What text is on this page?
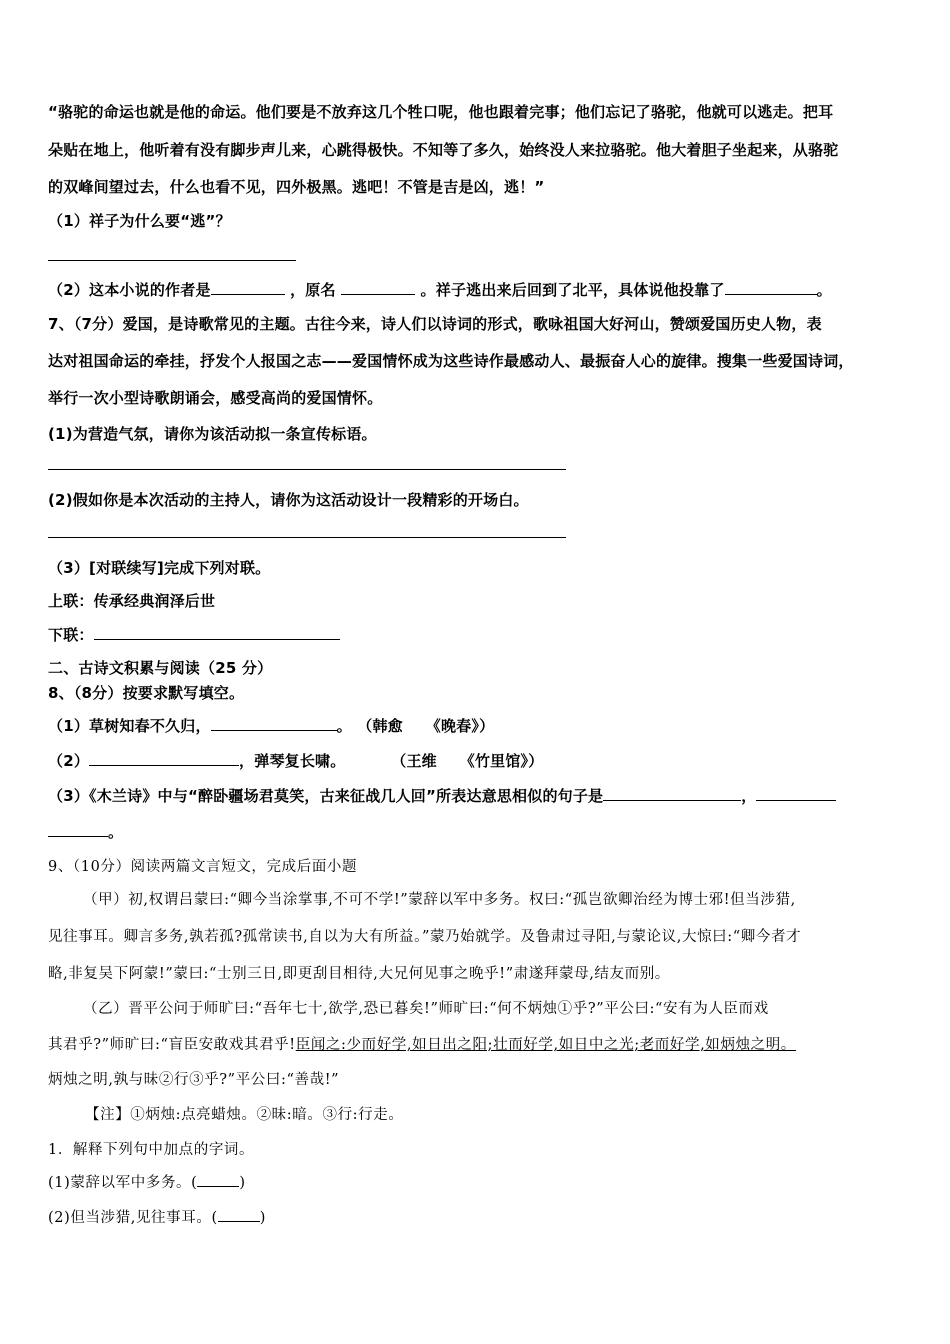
“骆驼的命运也就是他的命运。他们要是不放弃这几个牲口呢，他也跟着完事；他们忘记了骆驼，他就可以逃走。把耳
朵贴在地上，他听着有没有脚步声儿来，心跳得极快。不知等了多久，始终没人来拉骆驼。他大着胆子坐起来，从骆驼
的双峰间望过去，什么也看不见，四外极黑。逃吧！不管是吉是凶，逃！”
（1）祥子为什么要“逃”？
（2）这本小说的作者是	，原名	。祥子逃出来后回到了北平，具体说他投靠了	。
7、（7分）爱国，是诗歌常见的主题。古往今来，诗人们以诗词的形式，歌咏祖国大好河山，赞颂爱国历史人物，表
达对祖国命运的牵挂，抒发个人报国之志——爱国情怀成为这些诗作最感动人、最振奋人心的旋律。搜集一些爱国诗词，
举行一次小型诗歌朗诵会，感受高尚的爱国情怀。
(1)为营造气氛，请你为该活动拟一条宣传标语。
(2)假如你是本次活动的主持人，请你为这活动设计一段精彩的开场白。
（3）[对联续写]完成下列对联。
上联：传承经典润泽后世
下联：
二、古诗文积累与阅读（25 分）
8、（8分）按要求默写填空。
（1）草树知春不久归，	。 （韩愈　　《晚春》）
（2）	，弹琴复长啸。　　　　（王维　　《竹里馆》）
（3）《木兰诗》中与“醉卧疆场君莫笑，古来征战几人回”所表达意思相似的句子是	，
。
9、（10分）阅读两篇文言短文，完成后面小题
（甲）初,权谓吕蒙曰:“卿今当涂掌事,不可不学!”蒙辞以军中多务。权曰:“孤岂欲卿治经为博士邪!但当涉猎,
见往事耳。卿言多务,孰若孤?孤常读书,自以为大有所益。”蒙乃始就学。及鲁肃过寻阳,与蒙论议,大惊曰:“卿今者才
略,非复吴下阿蒙!”蒙曰:“士别三日,即更刮目相待,大兄何见事之晚乎!”肃遂拜蒙母,结友而别。
（乙）晋平公问于师旷曰:“吾年七十,欲学,恐已暮矣!”师旷曰:“何不炳烛①乎?”平公曰:“安有为人臣而戏
其君乎?”师旷曰:“盲臣安敢戏其君乎!臣闻之:少而好学,如日出之阳;壮而好学,如日中之光;老而好学,如炳烛之明。
炳烛之明,孰与昧②行③乎?”平公曰:“善哉!”
【注】①炳烛:点亮蜡烛。②昧:暗。③行:行走。
1．解释下列句中加点的字词。
(1)蒙辞以军中多务。(	)
(2)但当涉猎,见往事耳。(	)
